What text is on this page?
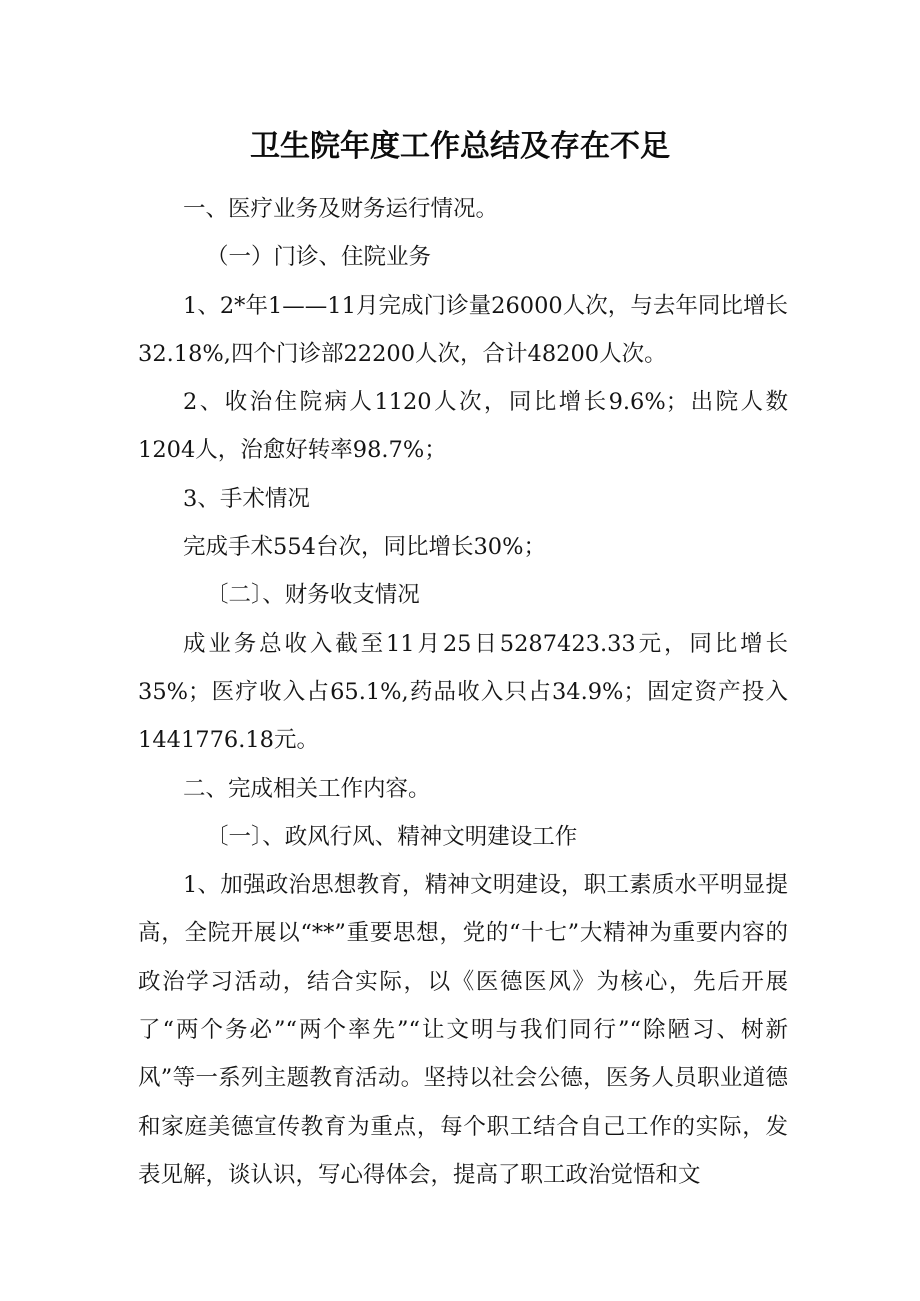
卫生院年度工作总结及存在不足

一、医疗业务及财务运行情况。

（一）门诊、住院业务

1、2*年1——11月完成门诊量26000人次，与去年同比增长32.18%,四个门诊部22200人次，合计48200人次。

2、收治住院病人1120人次，同比增长9.6%；出院人数1204人，治愈好转率98.7%；

3、手术情况

完成手术554台次，同比增长30%；

〔二〕、财务收支情况

成业务总收入截至11月25日5287423.33元，同比增长35%；医疗收入占65.1%,药品收入只占34.9%；固定资产投入1441776.18元。

二、完成相关工作内容。

〔一〕、政风行风、精神文明建设工作

1、加强政治思想教育，精神文明建设，职工素质水平明显提高，全院开展以“**”重要思想，党的“十七”大精神为重要内容的政治学习活动，结合实际，以《医德医风》为核心，先后开展了“两个务必”“两个率先”“让文明与我们同行”“除陋习、树新风”等一系列主题教育活动。坚持以社会公德，医务人员职业道德和家庭美德宣传教育为重点，每个职工结合自己工作的实际，发表见解，谈认识，写心得体会，提高了职工政治觉悟和文
